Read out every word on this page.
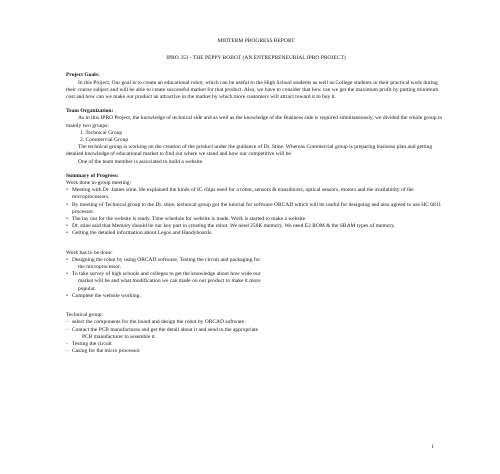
MIDTERM PROGRESS REPORT
IPRO 353 - THE PEPPY ROBOT (AN ENTREPRENEURIAL IPRO PROJECT)
Project Goals:
In this Project, Our goal is to create an educational robot, which can be useful to the High School students as well as College students in their practical work during their course subject and will be able to create successful market for that product. Also, we have to consider that how can we get the maximum profit by putting minimum cost and how can we make our product an attractive in the market by which more customers will attract toward it to buy it.
Team Organization:
As in this IPRO Project, the knowledge of technical side and as well as the knowledge of the Business side is required simultaneously, we divided the whole group in mainly two groups:
1. Technical Group
2. Commercial Group
The technical group is working on the creation of the product under the guidance of Dr. Stine. Whereas Commercial group is preparing business plan and getting detailed knowledge of educational market to find out where we stand and how our competitive will be.
One of the team member is associated to build a website.
Summary of Progress:
Work done in-group meeting:
• Meeting with Dr. James stine. He explained the kinds of IC chips need for a robot, sensors & transducers, optical sensors, motors and the availability of the microprocessors.
• By meeting of Technical group to the Dr. stine, technical group got the tutorial for software ORCAD which will be useful for designing and also agreed to use HC 6811 processor.
• The lay out for the website is ready. Time schedule for website is made. Work is started to make a website.
• Dr. stine said that Memory should be our key part in creating the robot. We need 256K memory. We need E2 ROM & the SRAM types of memory.
• Getting the detailed information about Legos and Handyboards.
Work has to be done:
• Designing the robot by using ORCAD software, Testing the circuit and packaging for
the microprocessor.
• To take survey of high schools and colleges to get the knowledge about how wide our
market will be and what modification we can made on our product to make it more
popular.
• Complete the website working.
Technical group:
- select the components for the board and design the robot by ORCAD software
- Contact the PCB manufactures and get the detail about it and send to the appropriate
PCB manufacturer to assemble it.
- Testing the circuit
- Casing for the micro processor
1
